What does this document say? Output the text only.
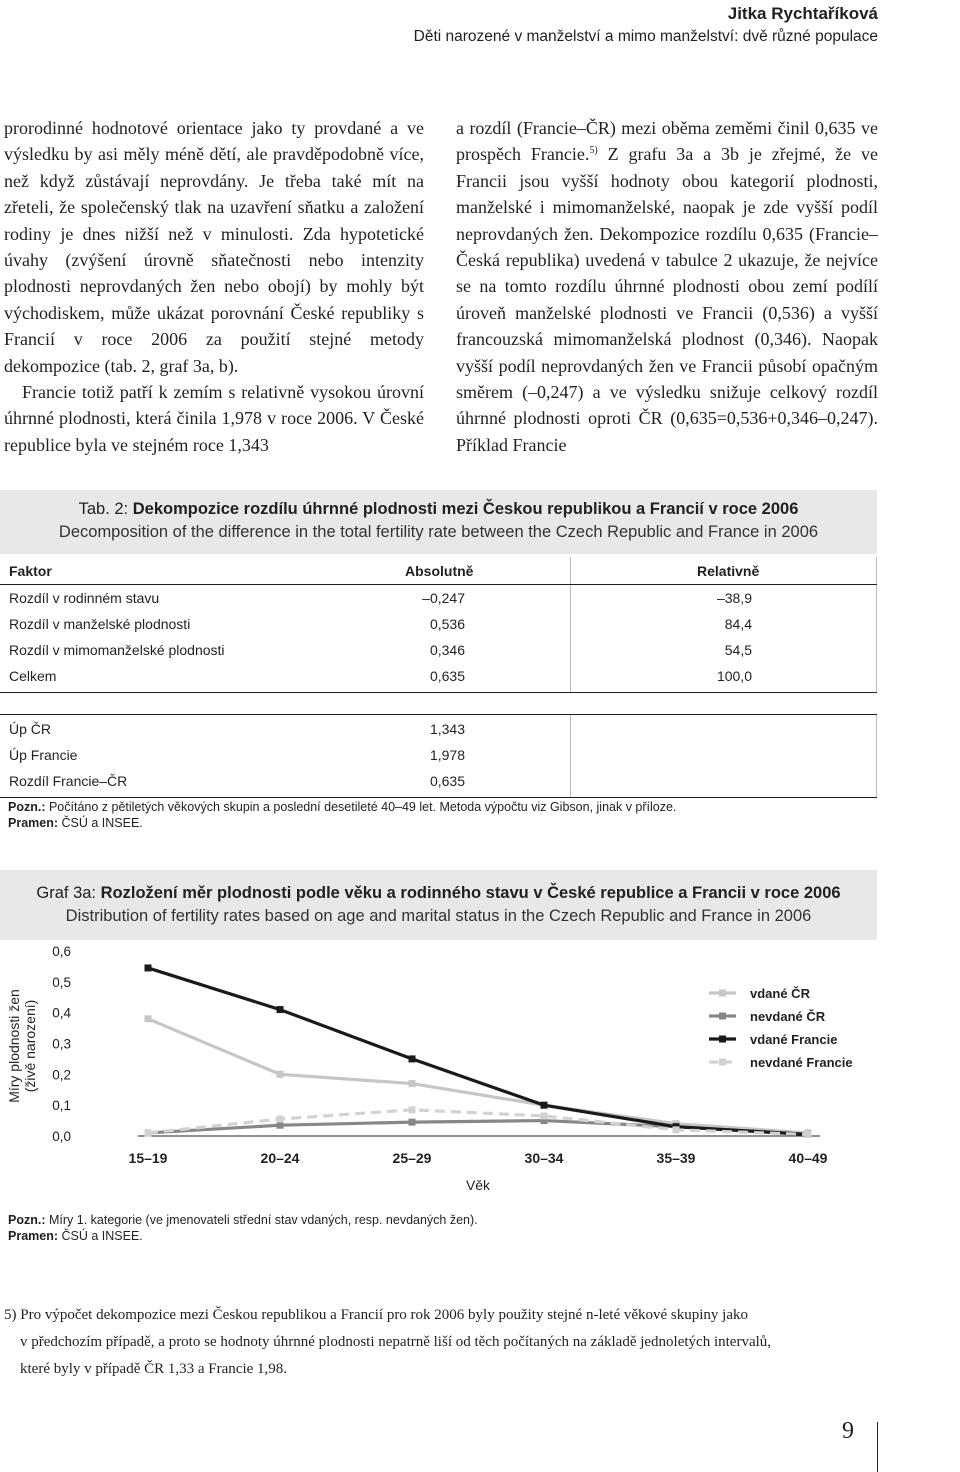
Jitka Rychtaříková
Děti narozené v manželství a mimo manželství: dvě různé populace

prorodinné hodnotové orientace jako ty provdané a ve výsledku by asi měly méně dětí, ale pravděpodobně více, než když zůstávají neprovdány. Je třeba také mít na zřeteli, že společenský tlak na uzavření sňatku a založení rodiny je dnes nižší než v minulosti. Zda hypotetické úvahy (zvýšení úrovně sňatečnosti nebo intenzity plodnosti neprovdaných žen nebo obojí) by mohly být východiskem, může ukázat porovnání České republiky s Francií v roce 2006 za použití stejné metody dekompozice (tab. 2, graf 3a, b).

Francie totiž patří k zemím s relativně vysokou úrovní úhrnné plodnosti, která činila 1,978 v roce 2006. V České republice byla ve stejném roce 1,343

a rozdíl (Francie–ČR) mezi oběma zeměmi činil 0,635 ve prospěch Francie.$^{5)}$ Z grafu 3a a 3b je zřejmé, že ve Francii jsou vyšší hodnoty obou kategorií plodnosti, manželské i mimomanželské, naopak je zde vyšší podíl neprovdaných žen. Dekompozice rozdílu 0,635 (Francie–Česká republika) uvedená v tabulce 2 ukazuje, že nejvíce se na tomto rozdílu úhrnné plodnosti obou zemí podílí úroveň manželské plodnosti ve Francii (0,536) a vyšší francouzská mimomanželská plodnost (0,346). Naopak vyšší podíl neprovdaných žen ve Francii působí opačným směrem (–0,247) a ve výsledku snižuje celkový rozdíl úhrnné plodnosti oproti ČR (0,635=0,536+0,346–0,247). Příklad Francie

Tab. 2: Dekompozice rozdílu úhrnné plodnosti mezi Českou republikou a Francií v roce 2006
Decomposition of the difference in the total fertility rate between the Czech Republic and France in 2006
Faktor	Absolutně	Relativně
Rozdíl v rodinném stavu	–0,247	–38,9
Rozdíl v manželské plodnosti	0,536	84,4
Rozdíl v mimomanželské plodnosti	0,346	54,5
Celkem	0,635	100,0
Úp ČR	1,343
Úp Francie	1,978
Rozdíl Francie–ČR	0,635
Pozn.: Počítáno z pětiletých věkových skupin a poslední desetileté 40–49 let. Metoda výpočtu viz Gibson, jinak v příloze.
Pramen: ČSÚ a INSEE.
Graf 3a: Rozložení měr plodnosti podle věku a rodinného stavu v České republice a Francii v roce 2006
Distribution of fertility rates based on age and marital status in the Czech Republic and France in 2006
Míry plodnosti žen (živě narození)
Věk
0,0
0,1
0,2
0,3
0,4
0,5
0,6
15–19	20–24	25–29	30–34	35–39	40–49
vdané ČR
nevdané ČR
vdané Francie
nevdané Francie
Pozn.: Míry 1. kategorie (ve jmenovateli střední stav vdaných, resp. nevdaných žen).
Pramen: ČSÚ a INSEE.

5) Pro výpočet dekompozice mezi Českou republikou a Francií pro rok 2006 byly použity stejné n-leté věkové skupiny jako

v předchozím případě, a proto se hodnoty úhrnné plodnosti nepatrně liší od těch počítaných na základě jednoletých intervalů,

které byly v případě ČR 1,33 a Francie 1,98.

9
